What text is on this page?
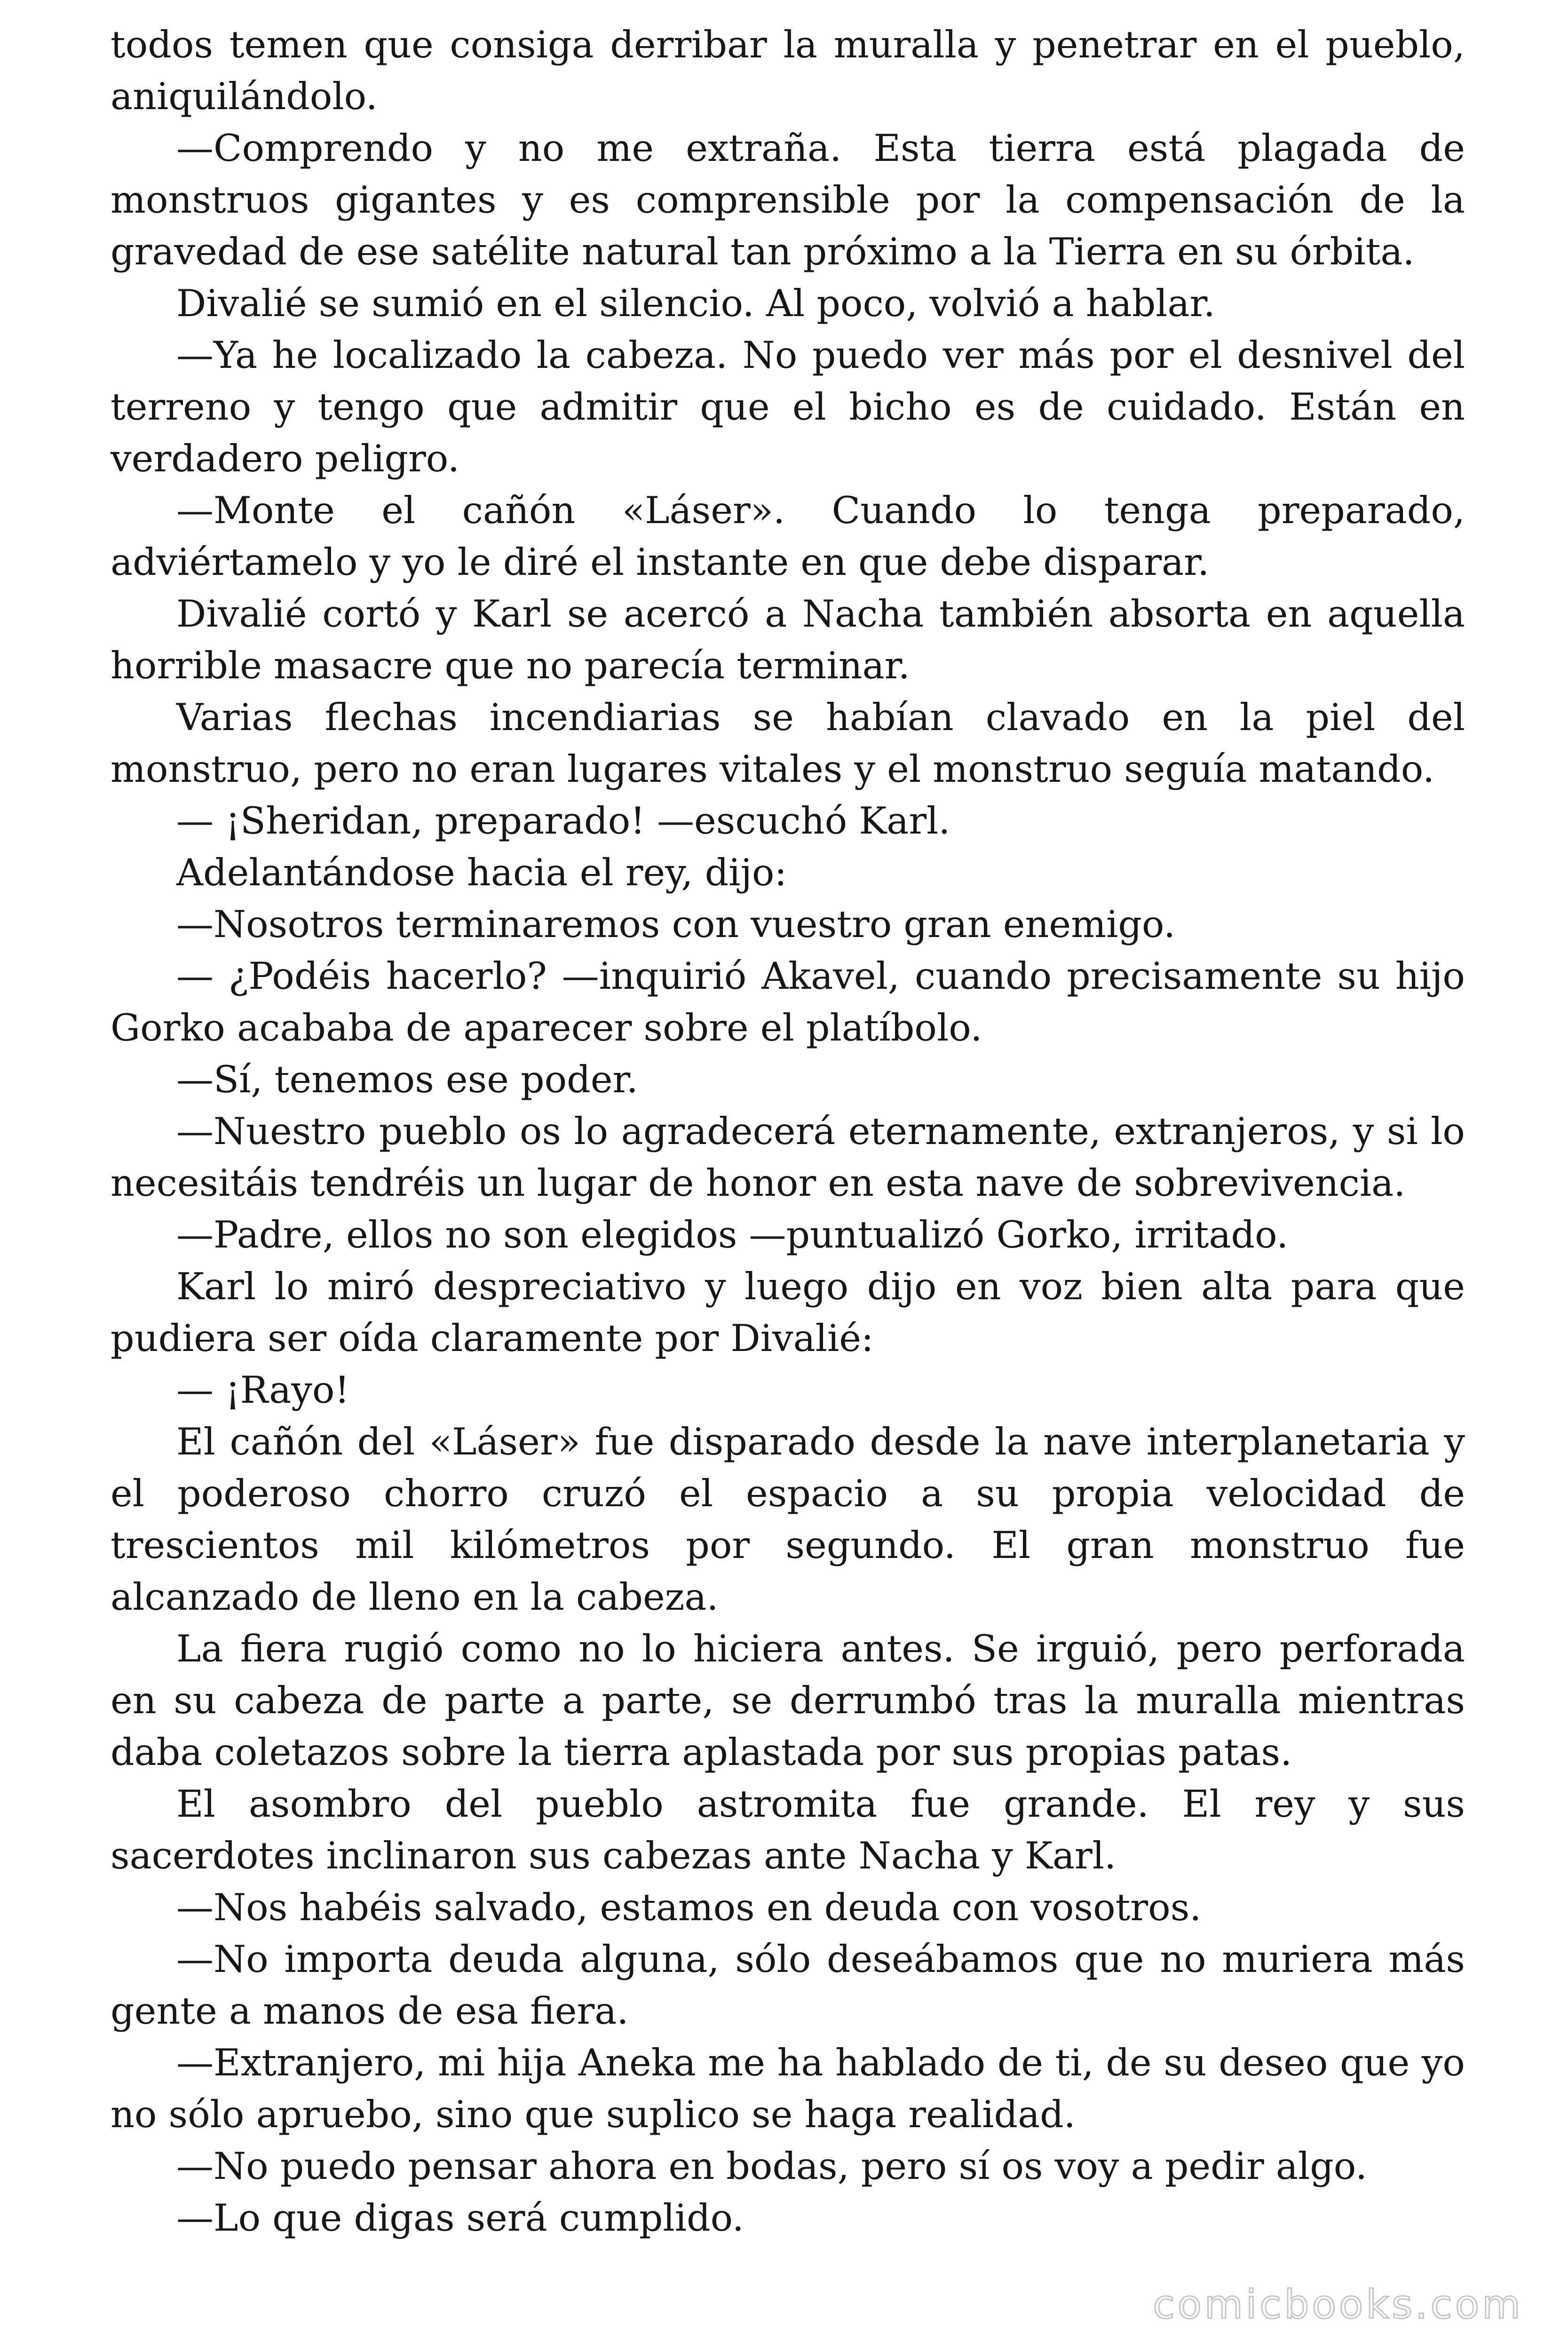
todos temen que consiga derribar la muralla y penetrar en el pueblo, aniquilándolo.

—Comprendo y no me extraña. Esta tierra está plagada de monstruos gigantes y es comprensible por la compensación de la gravedad de ese satélite natural tan próximo a la Tierra en su órbita.

Divalié se sumió en el silencio. Al poco, volvió a hablar.

—Ya he localizado la cabeza. No puedo ver más por el desnivel del terreno y tengo que admitir que el bicho es de cuidado. Están en verdadero peligro.

—Monte el cañón «Láser». Cuando lo tenga preparado, adviértamelo y yo le diré el instante en que debe disparar.

Divalié cortó y Karl se acercó a Nacha también absorta en aquella horrible masacre que no parecía terminar.

Varias flechas incendiarias se habían clavado en la piel del monstruo, pero no eran lugares vitales y el monstruo seguía matando.

— ¡Sheridan, preparado! —escuchó Karl.

Adelantándose hacia el rey, dijo:

—Nosotros terminaremos con vuestro gran enemigo.

— ¿Podéis hacerlo? —inquirió Akavel, cuando precisamente su hijo Gorko acababa de aparecer sobre el platíbolo.

—Sí, tenemos ese poder.

—Nuestro pueblo os lo agradecerá eternamente, extranjeros, y si lo necesitáis tendréis un lugar de honor en esta nave de sobrevivencia.

—Padre, ellos no son elegidos —puntualizó Gorko, irritado.

Karl lo miró despreciativo y luego dijo en voz bien alta para que pudiera ser oída claramente por Divalié:

— ¡Rayo!

El cañón del «Láser» fue disparado desde la nave interplanetaria y el poderoso chorro cruzó el espacio a su propia velocidad de trescientos mil kilómetros por segundo. El gran monstruo fue alcanzado de lleno en la cabeza.

La fiera rugió como no lo hiciera antes. Se irguió, pero perforada en su cabeza de parte a parte, se derrumbó tras la muralla mientras daba coletazos sobre la tierra aplastada por sus propias patas.

El asombro del pueblo astromita fue grande. El rey y sus sacerdotes inclinaron sus cabezas ante Nacha y Karl.

—Nos habéis salvado, estamos en deuda con vosotros.

—No importa deuda alguna, sólo deseábamos que no muriera más gente a manos de esa fiera.

—Extranjero, mi hija Aneka me ha hablado de ti, de su deseo que yo no sólo apruebo, sino que suplico se haga realidad.

—No puedo pensar ahora en bodas, pero sí os voy a pedir algo.

—Lo que digas será cumplido.

comicbooks.com
